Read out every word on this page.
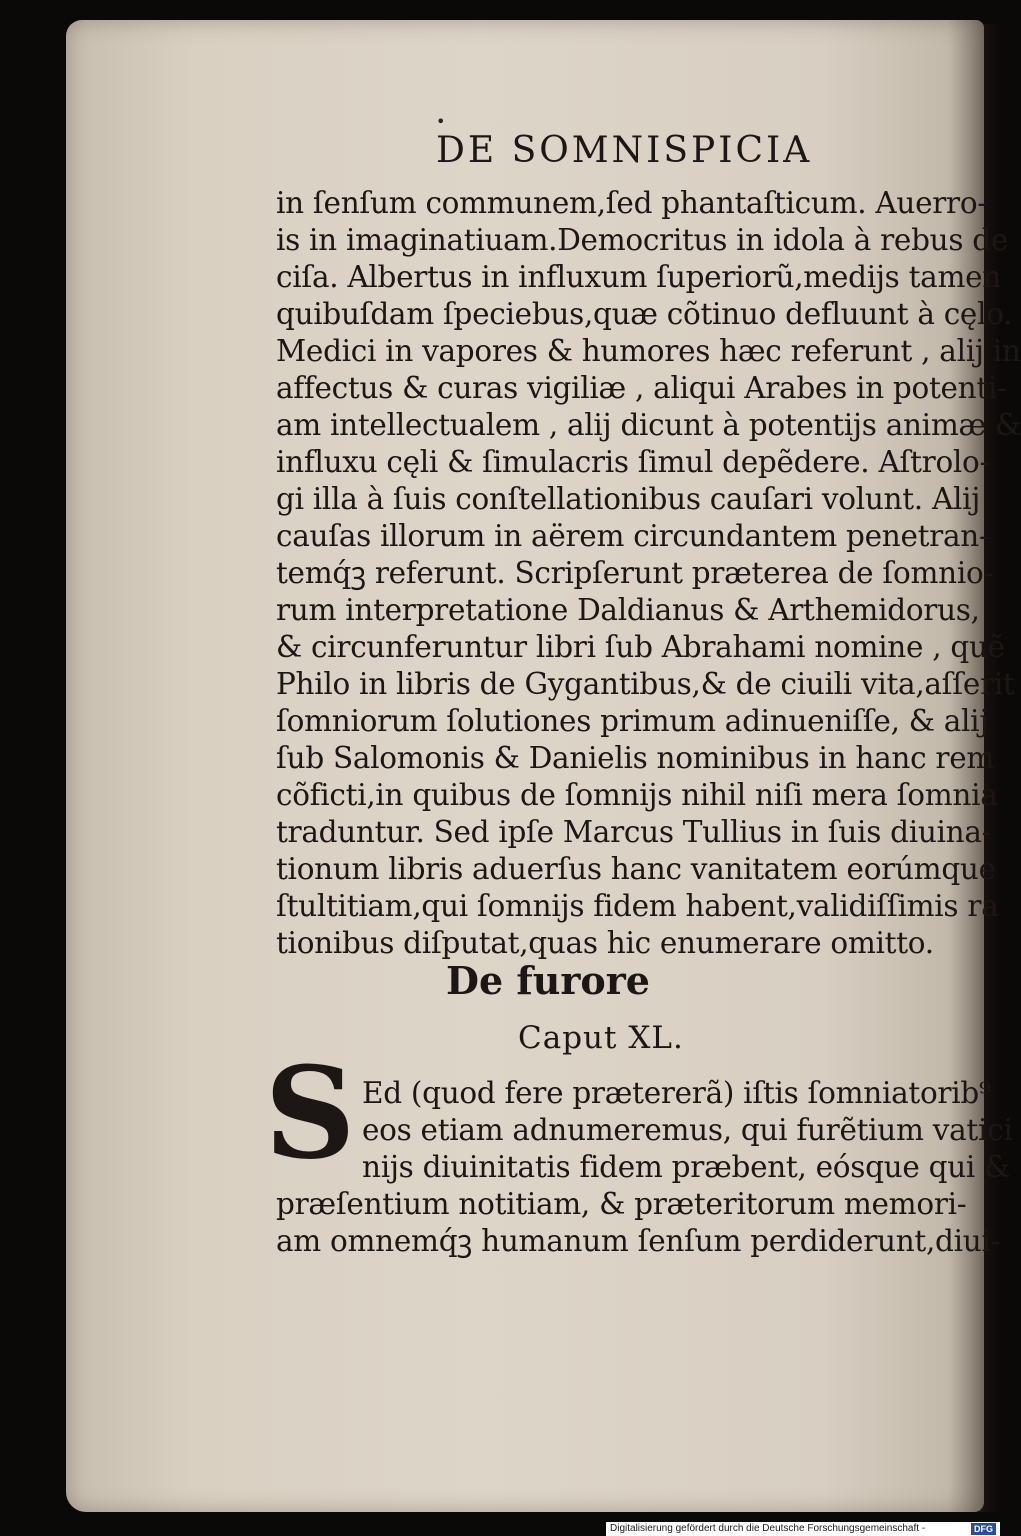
•
DE SOMNISPICIA
in ſenſum communem,ſed phantaſticum. Auerro-
is in imaginatiuam.Democritus in idola à rebus de
ciſa. Albertus in influxum ſuperiorũ,medijs tamen
quibuſdam ſpeciebus,quæ cõtinuo defluunt à cęlo.
Medici in vapores & humores hæc referunt , alij in
affectus & curas vigiliæ , aliqui Arabes in potenti-
am intellectualem , alij dicunt à potentijs animæ &
influxu cęli & ſimulacris ſimul depẽdere. Aſtrolo-
gi illa à ſuis conſtellationibus cauſari volunt. Alij
cauſas illorum in aërem circundantem penetran-
temq́ꝫ referunt. Scripſerunt præterea de ſomnio-
rum interpretatione Daldianus & Arthemidorus,
& circunferuntur libri ſub Abrahami nomine , quẽ
Philo in libris de Gygantibus,& de ciuili vita,aſſerit
ſomniorum ſolutiones primum adinueniſſe, & alij
ſub Salomonis & Danielis nominibus in hanc rem
cõficti,in quibus de ſomnijs nihil niſi mera ſomnia
traduntur. Sed ipſe Marcus Tullius in ſuis diuina-
tionum libris aduerſus hanc vanitatem eorúmque
ſtultitiam,qui ſomnijs fidem habent,validiſſimis ra
tionibus diſputat,quas hic enumerare omitto.
De furore
Caput XL.
S Ed (quod fere prætererã) iſtis ſomniatorib⁹
eos etiam adnumeremus, qui furẽtium vatici
nijs diuinitatis fidem præbent, eósque qui &
præſentium notitiam, & præteritorum memori-
am omnemq́ꝫ humanum ſenſum perdiderunt,diui-
Digitalisierung gefördert durch die Deutsche Forschungsgemeinschaft -	DFG
